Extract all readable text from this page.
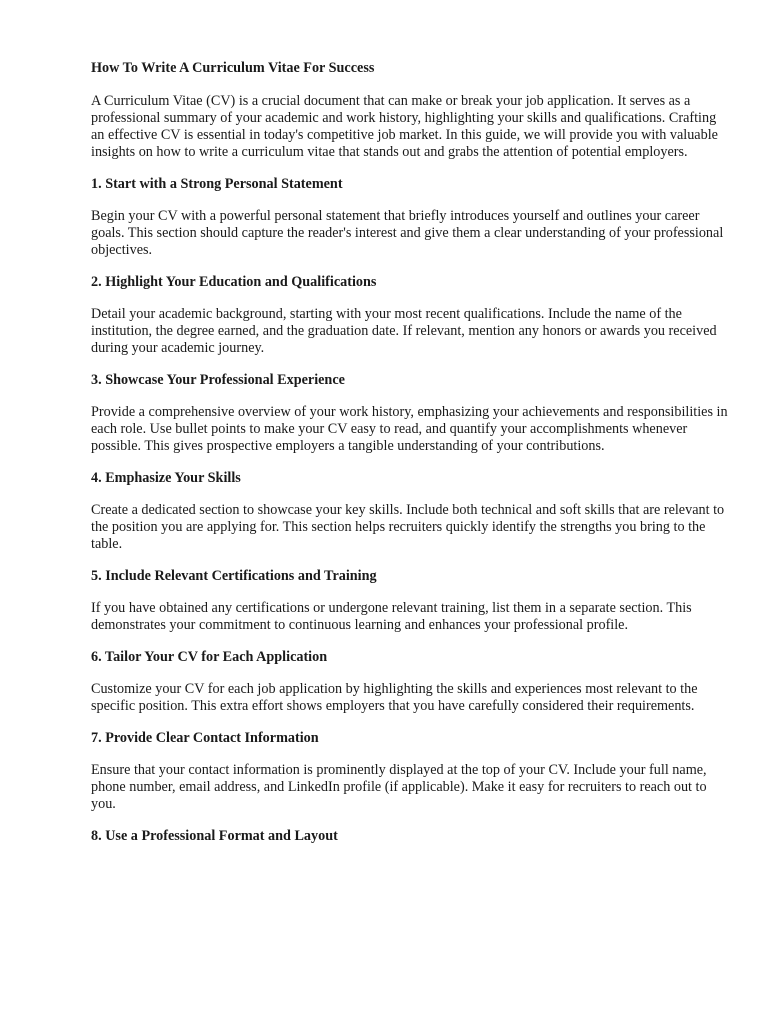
How To Write A Curriculum Vitae For Success

A Curriculum Vitae (CV) is a crucial document that can make or break your job application. It serves as a professional summary of your academic and work history, highlighting your skills and qualifications. Crafting an effective CV is essential in today's competitive job market. In this guide, we will provide you with valuable insights on how to write a curriculum vitae that stands out and grabs the attention of potential employers.

1. Start with a Strong Personal Statement

Begin your CV with a powerful personal statement that briefly introduces yourself and outlines your career goals. This section should capture the reader's interest and give them a clear understanding of your professional objectives.

2. Highlight Your Education and Qualifications

Detail your academic background, starting with your most recent qualifications. Include the name of the institution, the degree earned, and the graduation date. If relevant, mention any honors or awards you received during your academic journey.

3. Showcase Your Professional Experience

Provide a comprehensive overview of your work history, emphasizing your achievements and responsibilities in each role. Use bullet points to make your CV easy to read, and quantify your accomplishments whenever possible. This gives prospective employers a tangible understanding of your contributions.

4. Emphasize Your Skills

Create a dedicated section to showcase your key skills. Include both technical and soft skills that are relevant to the position you are applying for. This section helps recruiters quickly identify the strengths you bring to the table.

5. Include Relevant Certifications and Training

If you have obtained any certifications or undergone relevant training, list them in a separate section. This demonstrates your commitment to continuous learning and enhances your professional profile.

6. Tailor Your CV for Each Application

Customize your CV for each job application by highlighting the skills and experiences most relevant to the specific position. This extra effort shows employers that you have carefully considered their requirements.

7. Provide Clear Contact Information

Ensure that your contact information is prominently displayed at the top of your CV. Include your full name, phone number, email address, and LinkedIn profile (if applicable). Make it easy for recruiters to reach out to you.

8. Use a Professional Format and Layout
